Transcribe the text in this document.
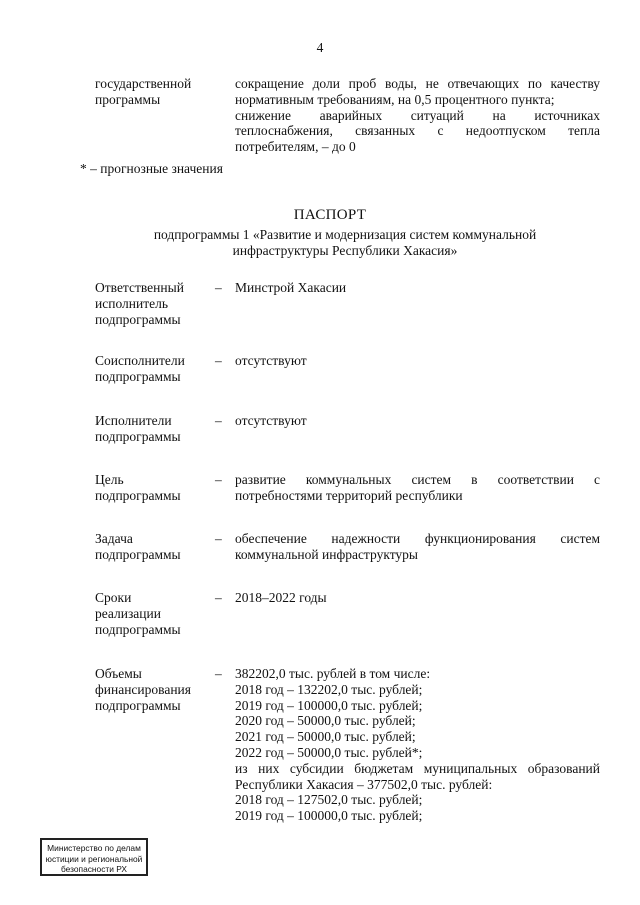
4
государственной
программы
сокращение доли проб воды, не отвечающих по качеству
нормативным требованиям, на 0,5 процентного пункта;
снижение аварийных ситуаций на источниках
теплоснабжения, связанных с недоотпуском тепла
потребителям, – до 0
* – прогнозные значения
ПАСПОРТ
подпрограммы 1 «Развитие и модернизация систем коммунальной
инфраструктуры Республики Хакасия»
Ответственный
исполнитель
подпрограммы
– Минстрой Хакасии
Соисполнители
подпрограммы
– отсутствуют
Исполнители
подпрограммы
– отсутствуют
Цель
подпрограммы
– развитие коммунальных систем в соответствии с
потребностями территорий республики
Задача
подпрограммы
– обеспечение надежности функционирования систем
коммунальной инфраструктуры
Сроки
реализации
подпрограммы
– 2018–2022 годы
Объемы
финансирования
подпрограммы
– 382202,0 тыс. рублей в том числе:
2018 год – 132202,0 тыс. рублей;
2019 год – 100000,0 тыс. рублей;
2020 год – 50000,0 тыс. рублей;
2021 год – 50000,0 тыс. рублей;
2022 год – 50000,0 тыс. рублей*;
из них субсидии бюджетам муниципальных образований
Республики Хакасия – 377502,0 тыс. рублей:
2018 год – 127502,0 тыс. рублей;
2019 год – 100000,0 тыс. рублей;
Министерство по делам
юстиции и региональной
безопасности РХ
